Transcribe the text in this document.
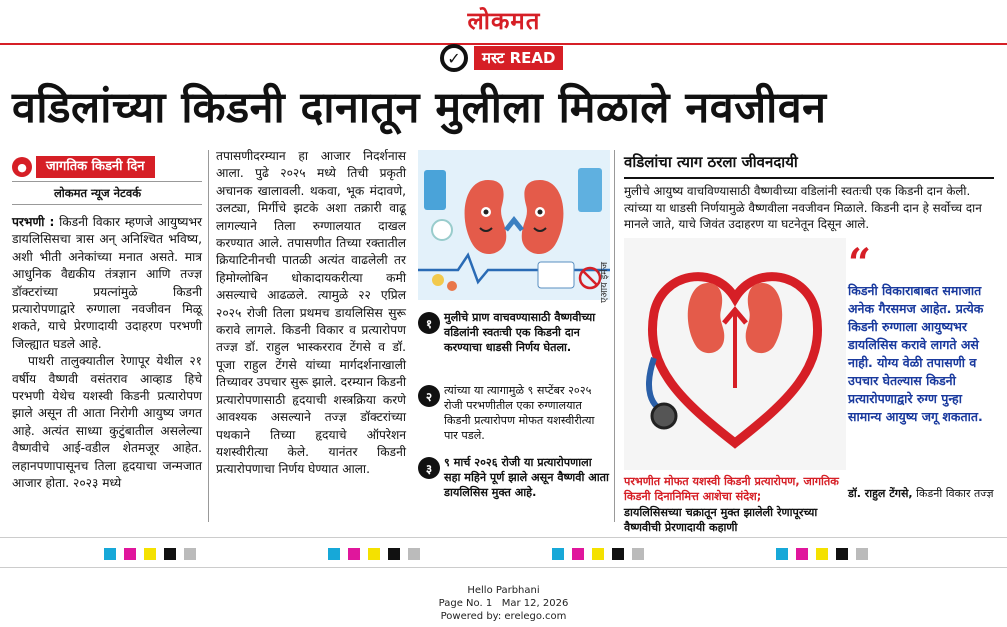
लोकमत
✓	मस्ट READ
वडिलांच्या किडनी दानातून मुलीला मिळाले नवजीवन
●	जागतिक किडनी दिन
लोकमत न्यूज नेटवर्क

परभणी : किडनी विकार म्हणजे आयुष्यभर डायलिसिसचा त्रास अन् अनिश्चित भविष्य, अशी भीती अनेकांच्या मनात असते. मात्र आधुनिक वैद्यकीय तंत्रज्ञान आणि तज्ज्ञ डॉक्टरांच्या प्रयत्नांमुळे किडनी प्रत्यारोपणाद्वारे रुग्णाला नवजीवन मिळू शकते, याचे प्रेरणादायी उदाहरण परभणी जिल्ह्यात घडले आहे.

पाथरी तालुक्यातील रेणापूर येथील २१ वर्षीय वैष्णवी वसंतराव आव्हाड हिचे परभणी येथेच यशस्वी किडनी प्रत्यारोपण झाले असून ती आता निरोगी आयुष्य जगत आहे. अत्यंत साध्या कुटुंबातील असलेल्या वैष्णवीचे आई-वडील शेतमजूर आहेत. लहानपणापासूनच तिला हृदयाचा जन्मजात आजार होता. २०२३ मध्ये

तपासणीदरम्यान हा आजार निदर्शनास आला. पुढे २०२५ मध्ये तिची प्रकृती अचानक खालावली. थकवा, भूक मंदावणे, उलट्या, मिर्गीचे झटके अशा तक्रारी वाढू लागल्याने तिला रुग्णालयात दाखल करण्यात आले. तपासणीत तिच्या रक्तातील क्रियाटिनीनची पातळी अत्यंत वाढलेली तर हिमोग्लोबिन धोकादायकरीत्या कमी असल्याचे आढळले. त्यामुळे २२ एप्रिल २०२५ रोजी तिला प्रथमच डायलिसिस सुरू करावे लागले. किडनी विकार व प्रत्यारोपण तज्ज्ञ डॉ. राहुल भास्करराव टेंगसे व डॉ. पूजा राहुल टेंगसे यांच्या मार्गदर्शनाखाली तिच्यावर उपचार सुरू झाले. दरम्यान किडनी प्रत्यारोपणासाठी हृदयाची शस्त्रक्रिया करणे आवश्यक असल्याने तज्ज्ञ डॉक्टरांच्या पथकाने तिच्या हृदयाचे ऑपरेशन यशस्वीरीत्या केले. यानंतर किडनी प्रत्यारोपणाचा निर्णय घेण्यात आला.
एआय इमेज
१	मुलीचे प्राण वाचवण्यासाठी वैष्णवीच्या वडिलांनी स्वतःची एक किडनी दान करण्याचा धाडसी निर्णय घेतला.
२	त्यांच्या या त्यागामुळे ९ सप्टेंबर २०२५ रोजी परभणीतील एका रुग्णालयात किडनी प्रत्यारोपण मोफत यशस्वीरीत्या पार पडले.
३	९ मार्च २०२६ रोजी या प्रत्यारोपणाला सहा महिने पूर्ण झाले असून वैष्णवी आता डायलिसिस मुक्त आहे.
वडिलांचा त्याग ठरला जीवनदायी
मुलीचे आयुष्य वाचविण्यासाठी वैष्णवीच्या वडिलांनी स्वतःची एक किडनी दान केली. त्यांच्या या धाडसी निर्णयामुळे वैष्णवीला नवजीवन मिळाले. किडनी दान हे सर्वोच्च दान मानले जाते, याचे जिवंत उदाहरण या घटनेतून दिसून आले.
“
किडनी विकाराबाबत समाजात अनेक गैरसमज आहेत. प्रत्येक किडनी रुग्णाला आयुष्यभर डायलिसिस करावे लागते असे नाही. योग्य वेळी तपासणी व उपचार घेतल्यास किडनी प्रत्यारोपणाद्वारे रुग्ण पुन्हा सामान्य आयुष्य जगू शकतात.
डॉ. राहुल टेंगसे, किडनी विकार तज्ज्ञ
परभणीत मोफत यशस्वी किडनी प्रत्यारोपण, जागतिक किडनी दिनानिमित्त आशेचा संदेश;
डायलिसिसच्या चक्रातून मुक्त झालेली रेणापूरच्या वैष्णवीची प्रेरणादायी कहाणी
Hello Parbhani
Page No. 1 Mar 12, 2026
Powered by: erelego.com
